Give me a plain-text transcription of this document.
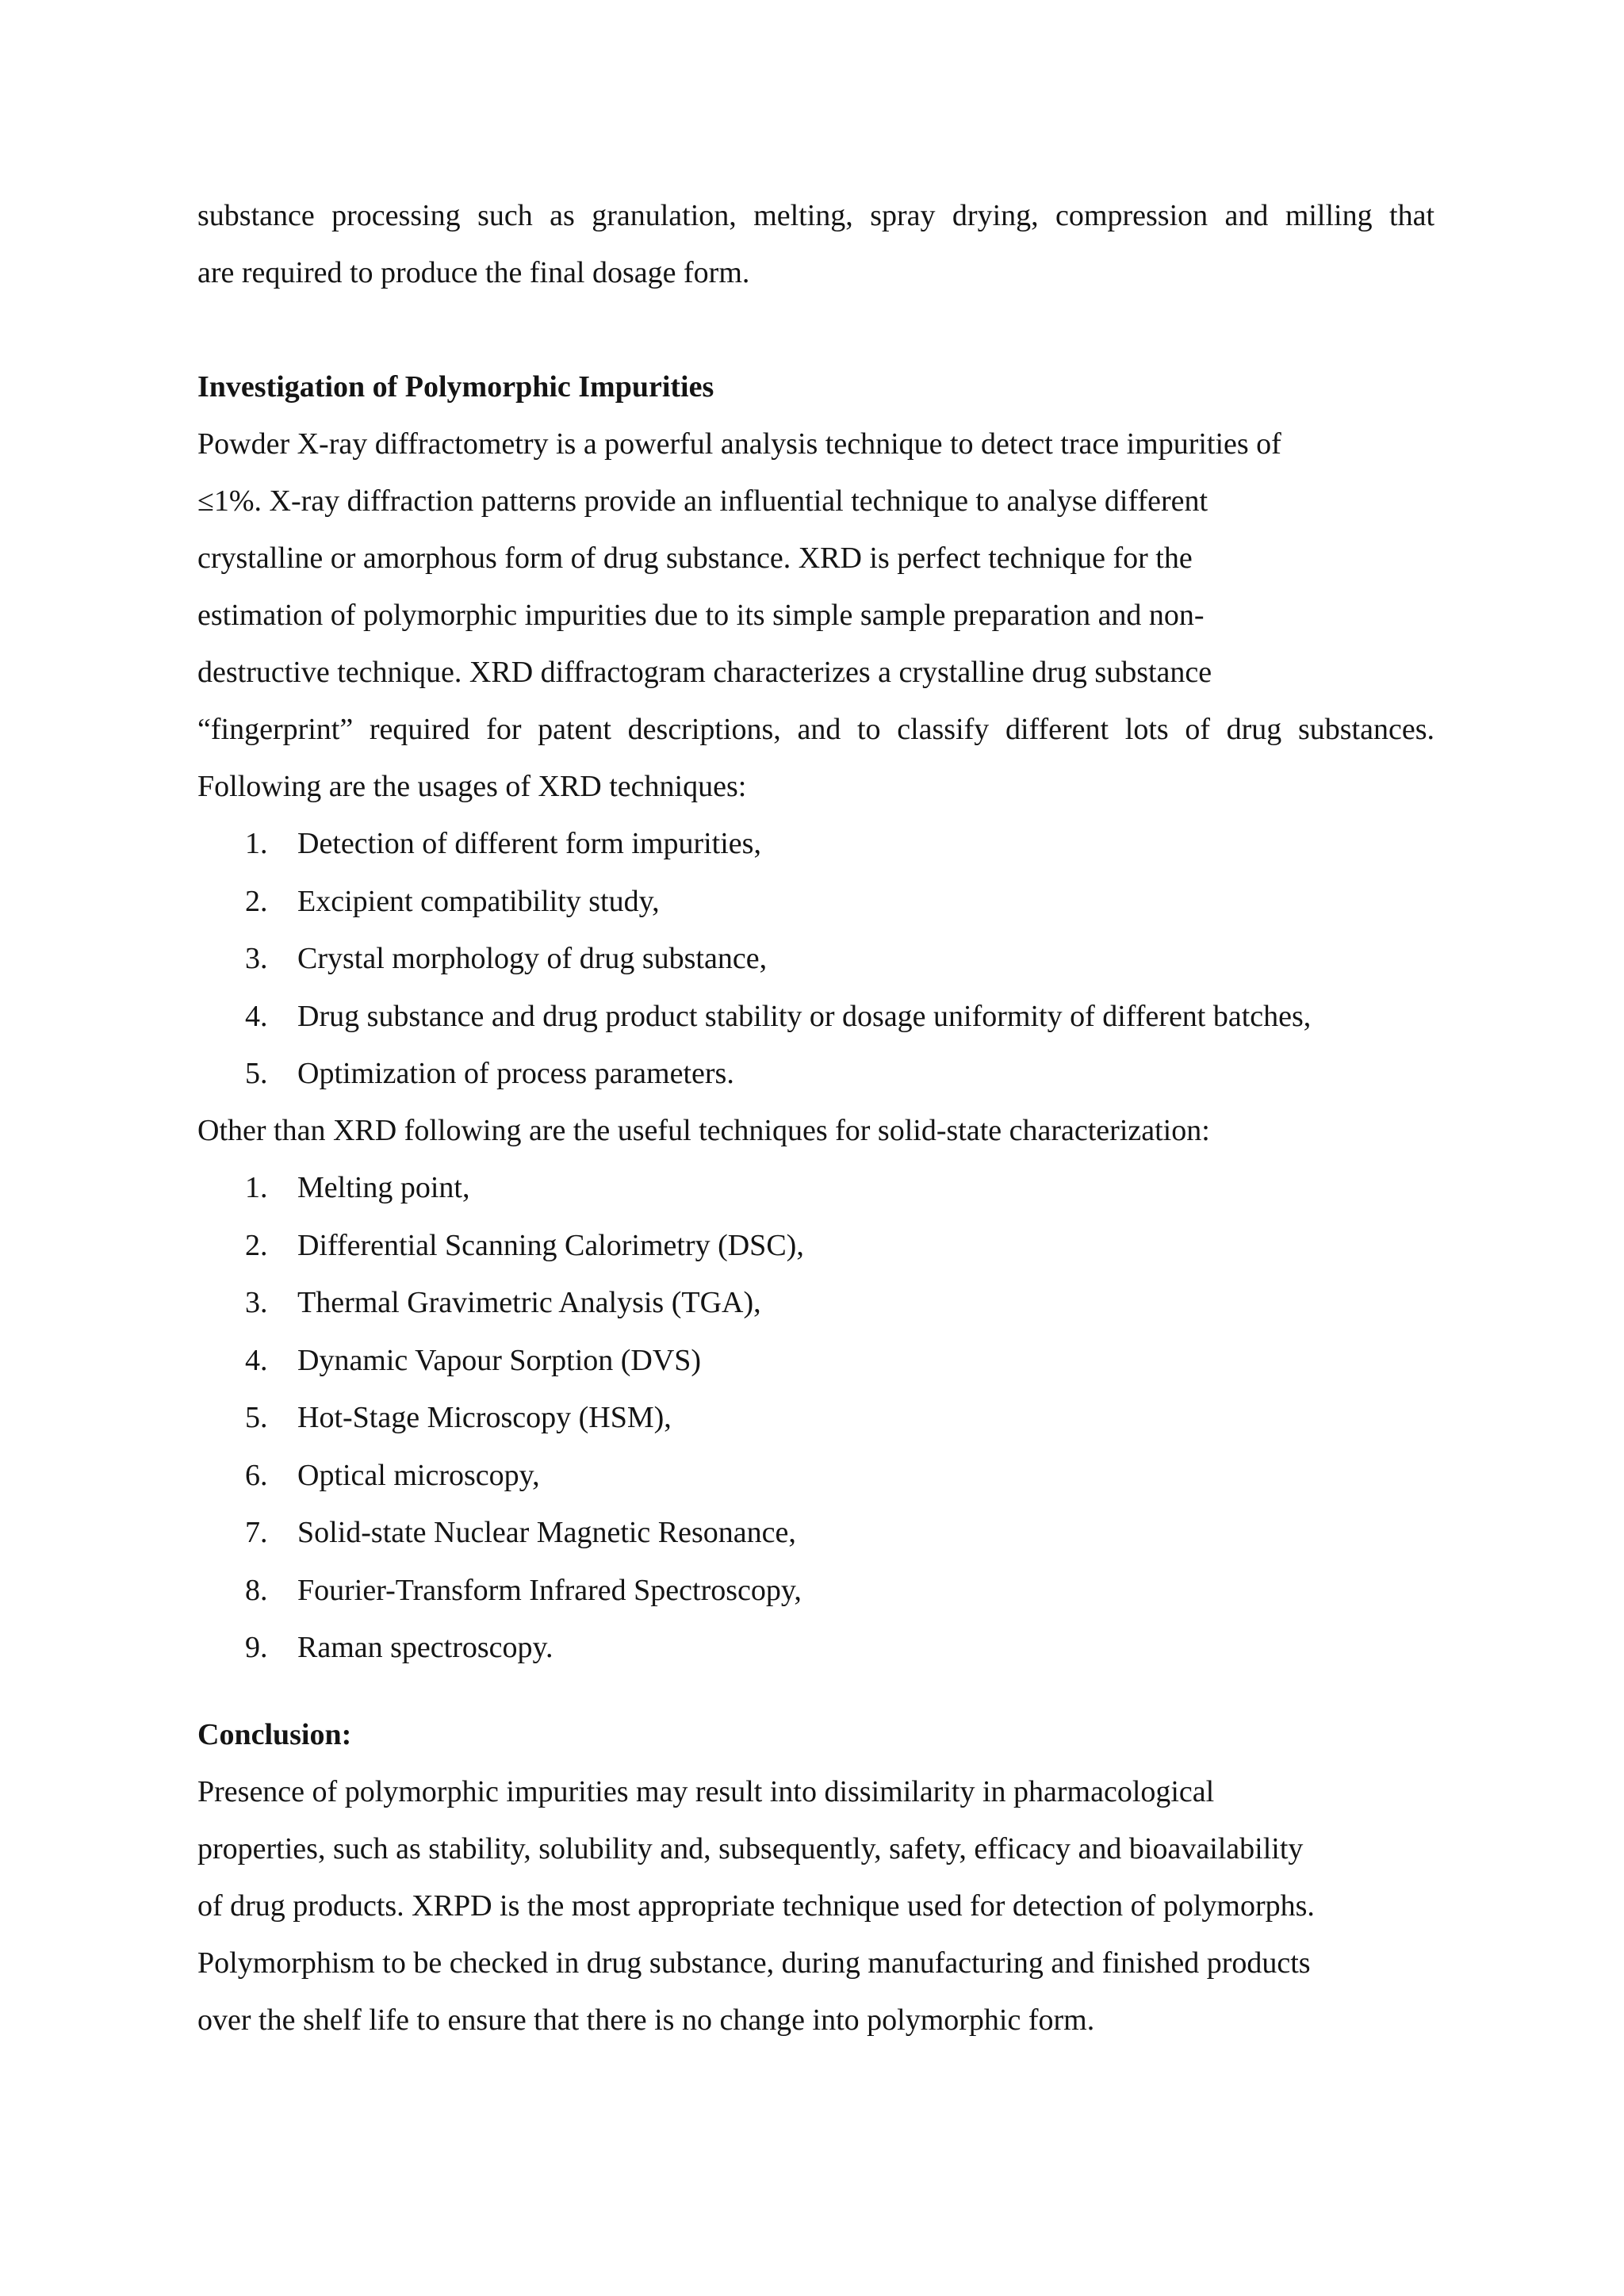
substance processing such as granulation, melting, spray drying, compression and milling that
are required to produce the final dosage form.
Investigation of Polymorphic Impurities
Powder X-ray diffractometry is a powerful analysis technique to detect trace impurities of
≤1%. X-ray diffraction patterns provide an influential technique to analyse different
crystalline or amorphous form of drug substance. XRD is perfect technique for the
estimation of polymorphic impurities due to its simple sample preparation and non-
destructive technique. XRD diffractogram characterizes a crystalline drug substance
“fingerprint” required for patent descriptions, and to classify different lots of drug substances.
Following are the usages of XRD techniques:
1. Detection of different form impurities,
2. Excipient compatibility study,
3. Crystal morphology of drug substance,
4. Drug substance and drug product stability or dosage uniformity of different batches,
5. Optimization of process parameters.
Other than XRD following are the useful techniques for solid-state characterization:
1. Melting point,
2. Differential Scanning Calorimetry (DSC),
3. Thermal Gravimetric Analysis (TGA),
4. Dynamic Vapour Sorption (DVS)
5. Hot-Stage Microscopy (HSM),
6. Optical microscopy,
7. Solid-state Nuclear Magnetic Resonance,
8. Fourier-Transform Infrared Spectroscopy,
9. Raman spectroscopy.
Conclusion:
Presence of polymorphic impurities may result into dissimilarity in pharmacological
properties, such as stability, solubility and, subsequently, safety, efficacy and bioavailability
of drug products. XRPD is the most appropriate technique used for detection of polymorphs.
Polymorphism to be checked in drug substance, during manufacturing and finished products
over the shelf life to ensure that there is no change into polymorphic form.
